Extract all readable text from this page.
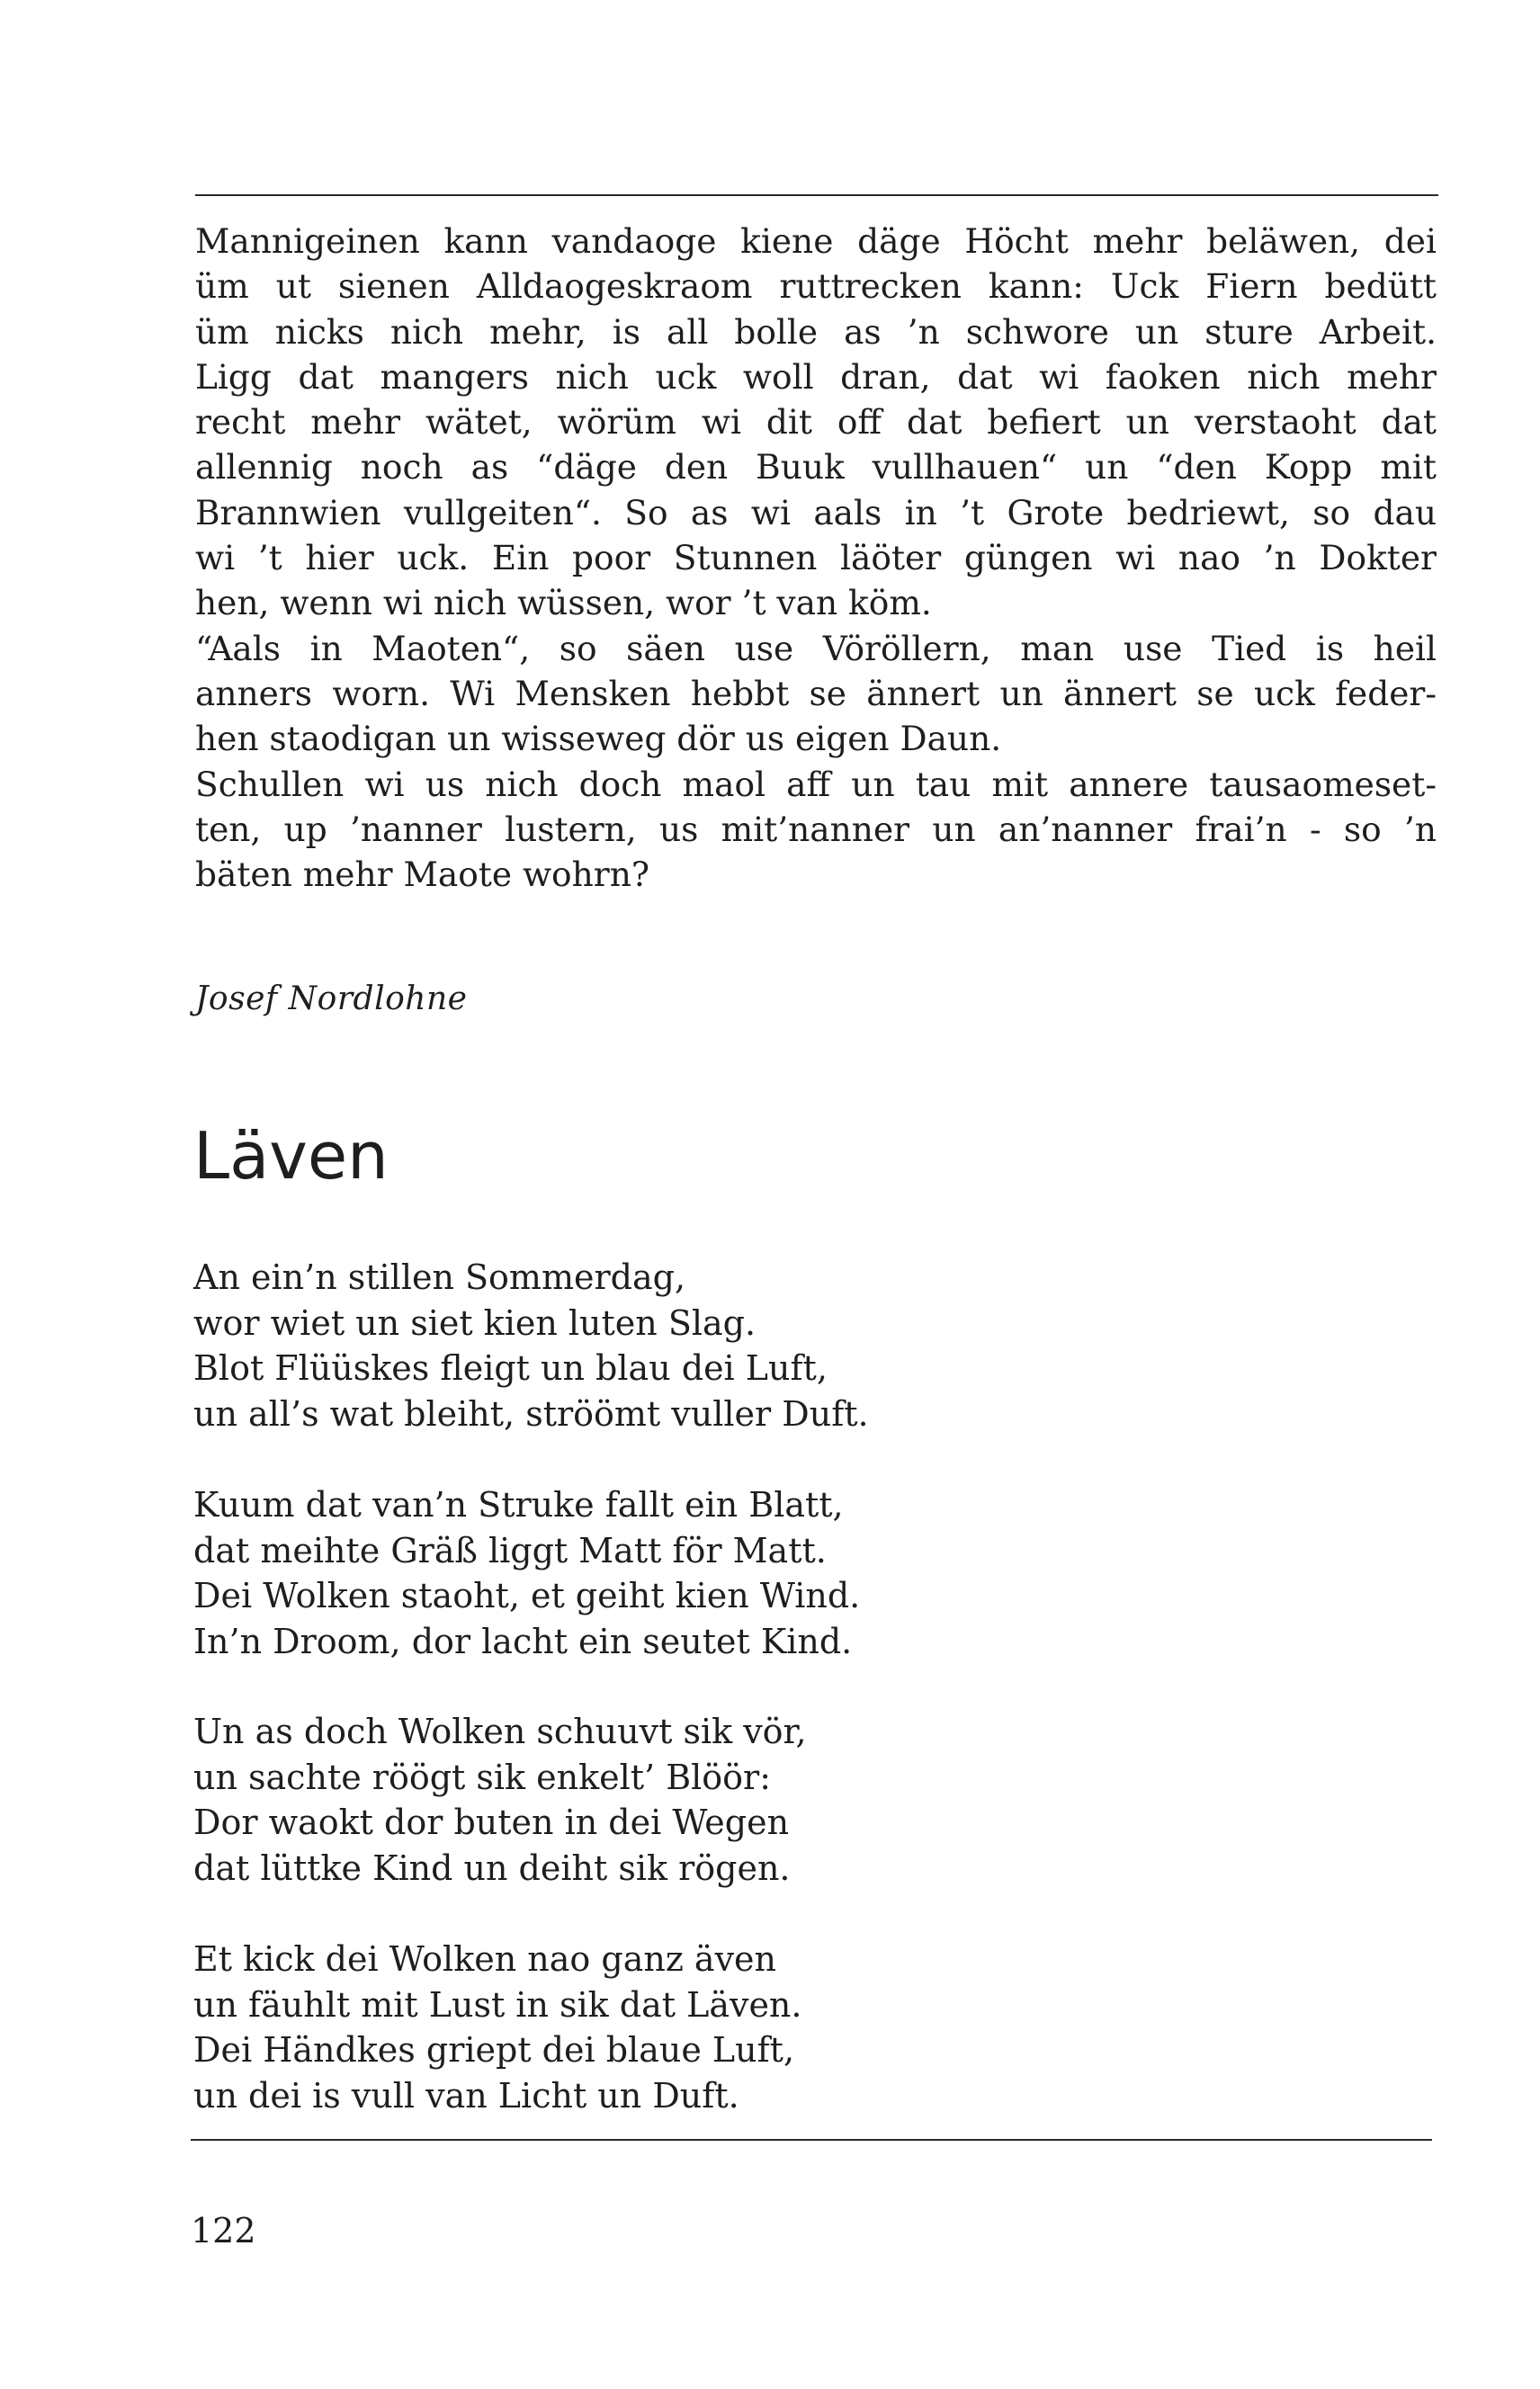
Mannigeinen kann vandaoge kiene däge Höcht mehr beläwen, dei
üm ut sienen Alldaogeskraom ruttrecken kann: Uck Fiern bedütt
üm nicks nich mehr, is all bolle as ’n schwore un sture Arbeit.
Ligg dat mangers nich uck woll dran, dat wi faoken nich mehr
recht mehr wätet, wörüm wi dit off dat befiert un verstaoht dat
allennig noch as “däge den Buuk vullhauen“ un “den Kopp mit
Brannwien vullgeiten“. So as wi aals in ’t Grote bedriewt, so dau
wi ’t hier uck. Ein poor Stunnen läöter güngen wi nao ’n Dokter
hen, wenn wi nich wüssen, wor ’t van köm.
“Aals in Maoten“, so säen use Vöröllern, man use Tied is heil
anners worn. Wi Mensken hebbt se ännert un ännert se uck feder-
hen staodigan un wisseweg dör us eigen Daun.
Schullen wi us nich doch maol aff un tau mit annere tausaomeset-
ten, up ’nanner lustern, us mit’nanner un an’nanner frai’n - so ’n
bäten mehr Maote wohrn?
Josef Nordlohne
Läven
An ein’n stillen Sommerdag,
wor wiet un siet kien luten Slag.
Blot Flüüskes fleigt un blau dei Luft,
un all’s wat bleiht, ströömt vuller Duft.
Kuum dat van’n Struke fallt ein Blatt,
dat meihte Gräß liggt Matt för Matt.
Dei Wolken staoht, et geiht kien Wind.
In’n Droom, dor lacht ein seutet Kind.
Un as doch Wolken schuuvt sik vör,
un sachte röögt sik enkelt’ Blöör:
Dor waokt dor buten in dei Wegen
dat lüttke Kind un deiht sik rögen.
Et kick dei Wolken nao ganz även
un fäuhlt mit Lust in sik dat Läven.
Dei Händkes griept dei blaue Luft,
un dei is vull van Licht un Duft.
122
